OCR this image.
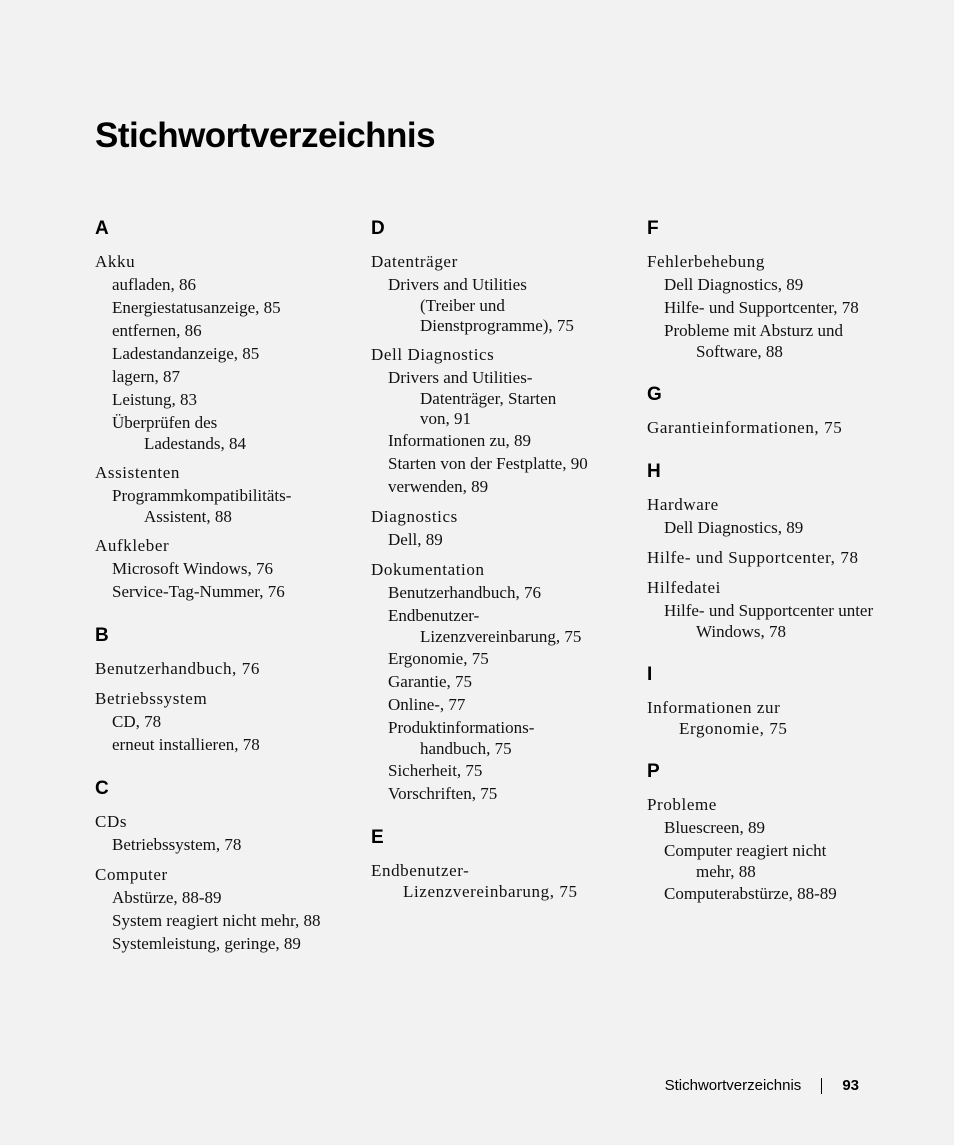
Stichwortverzeichnis
A
Akku
aufladen, 86
Energiestatusanzeige, 85
entfernen, 86
Ladestandanzeige, 85
lagern, 87
Leistung, 83
Überprüfen des
Ladestands, 84
Assistenten
Programmkompatibilitäts-
Assistent, 88
Aufkleber
Microsoft Windows, 76
Service-Tag-Nummer, 76
B
Benutzerhandbuch, 76
Betriebssystem
CD, 78
erneut installieren, 78
C
CDs
Betriebssystem, 78
Computer
Abstürze, 88-89
System reagiert nicht mehr, 88
Systemleistung, geringe, 89
D
Datenträger
Drivers and Utilities
(Treiber und
Dienstprogramme), 75
Dell Diagnostics
Drivers and Utilities-
Datenträger, Starten
von, 91
Informationen zu, 89
Starten von der Festplatte, 90
verwenden, 89
Diagnostics
Dell, 89
Dokumentation
Benutzerhandbuch, 76
Endbenutzer-
Lizenzvereinbarung, 75
Ergonomie, 75
Garantie, 75
Online-, 77
Produktinformations-
handbuch, 75
Sicherheit, 75
Vorschriften, 75
E
Endbenutzer-
Lizenzvereinbarung, 75
F
Fehlerbehebung
Dell Diagnostics, 89
Hilfe- und Supportcenter, 78
Probleme mit Absturz und
Software, 88
G
Garantieinformationen, 75
H
Hardware
Dell Diagnostics, 89
Hilfe- und Supportcenter, 78
Hilfedatei
Hilfe- und Supportcenter unter
Windows, 78
I
Informationen zur
Ergonomie, 75
P
Probleme
Bluescreen, 89
Computer reagiert nicht
mehr, 88
Computerabstürze, 88-89
Stichwortverzeichnis	93
